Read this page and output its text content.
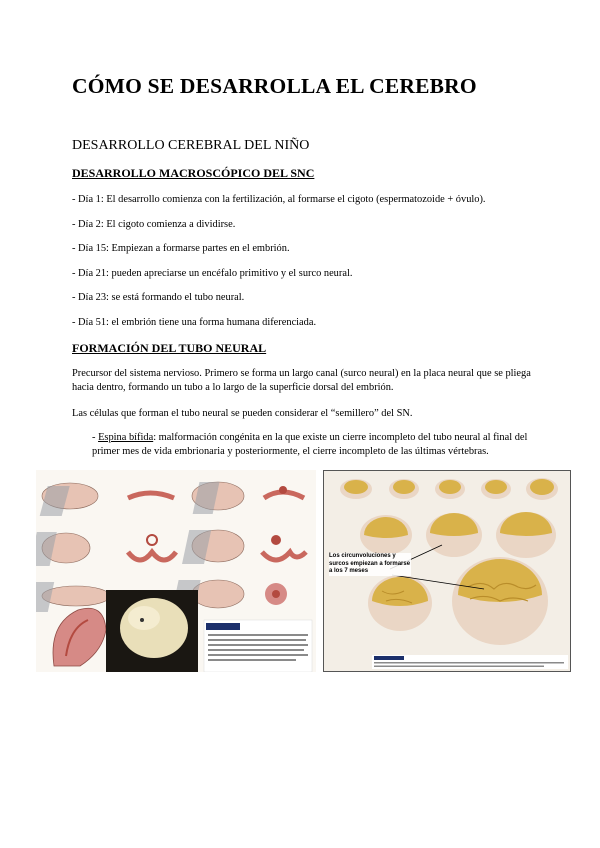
CÓMO SE DESARROLLA EL CEREBRO
DESARROLLO CEREBRAL DEL NIÑO
DESARROLLO MACROSCÓPICO DEL SNC
- Día 1: El desarrollo comienza con la fertilización, al formarse el cigoto (espermatozoide + óvulo).
- Día 2: El cigoto comienza a dividirse.
- Día 15: Empiezan a formarse partes en el embrión.
- Día 21: pueden apreciarse un encéfalo primitivo y el surco neural.
- Día 23: se está formando el tubo neural.
- Día 51: el embrión tiene una forma humana diferenciada.
FORMACIÓN DEL TUBO NEURAL
Precursor del sistema nervioso. Primero se forma un largo canal (surco neural) en la placa neural que se pliega hacia dentro, formando un tubo a lo largo de la superficie dorsal del embrión.
Las células que forman el tubo neural se pueden considerar el “semillero” del SN.
- Espina bífida: malformación congénita en la que existe un cierre incompleto del tubo neural al final del primer mes de vida embrionaria y posteriormente, el cierre incompleto de las últimas vértebras.
Los circunvoluciones y surcos empiezan a formarse a los 7 meses
